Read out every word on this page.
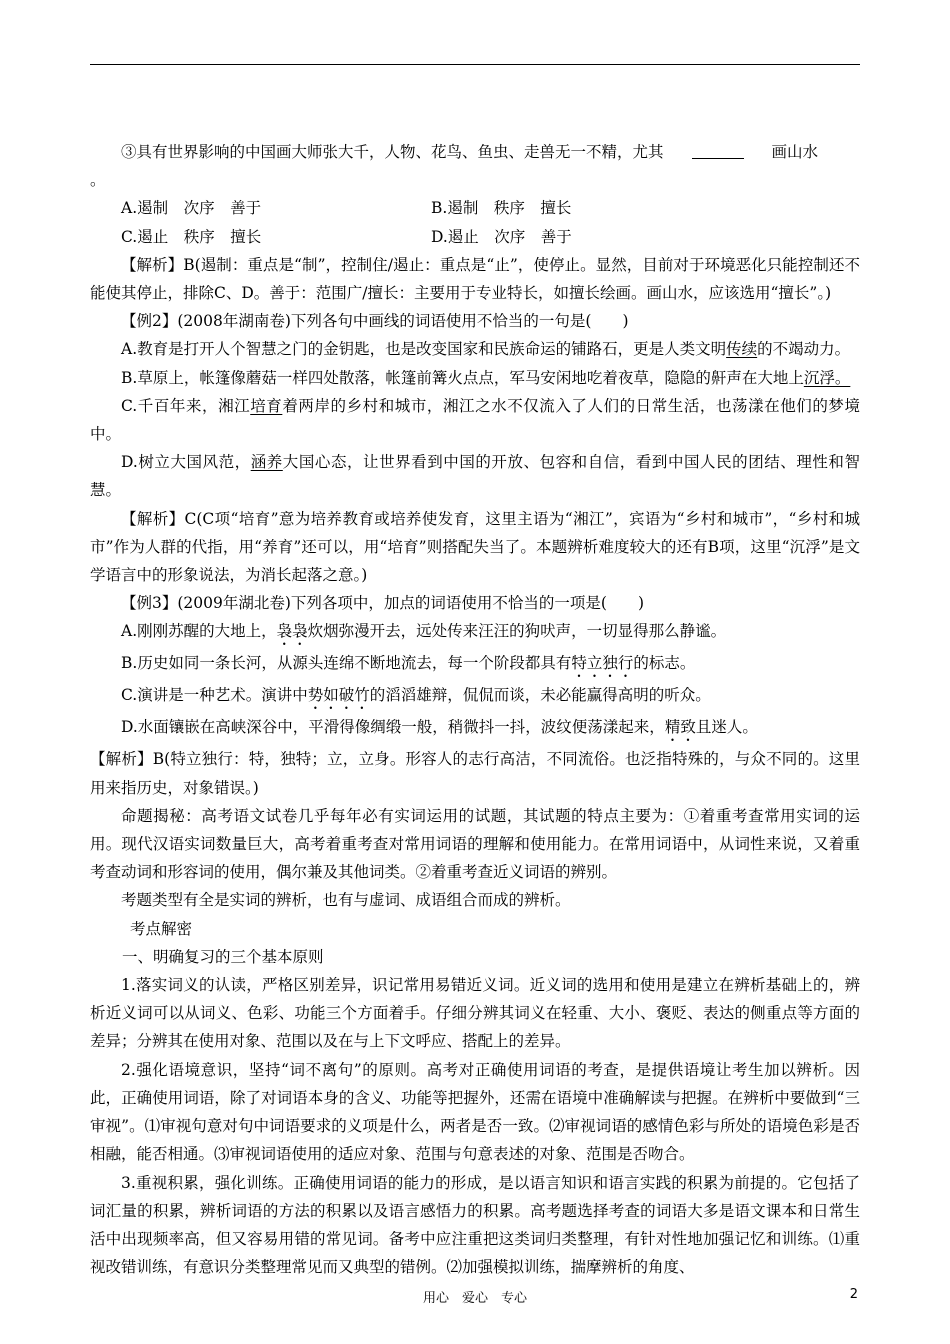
③具有世界影响的中国画大师张大千，人物、花鸟、鱼虫、走兽无一不精，尤其	画山水

。

A.遏制　次序　善于	B.遏制　秩序　擅长
C.遏止　秩序　擅长	D.遏止　次序　善于

【解析】B(遏制：重点是“制”，控制住/遏止：重点是“止”，使停止。显然，目前对于环境恶化只能控制还不能使其停止，排除C、D。善于：范围广/擅长：主要用于专业特长，如擅长绘画。画山水，应该选用“擅长”。)

【例2】(2008年湖南卷)下列各句中画线的词语使用不恰当的一句是(　　)

A.教育是打开人个智慧之门的金钥匙，也是改变国家和民族命运的铺路石，更是人类文明传续的不竭动力。

B.草原上，帐篷像蘑菇一样四处散落，帐篷前篝火点点，军马安闲地吃着夜草，隐隐的鼾声在大地上沉浮。

C.千百年来，湘江培育着两岸的乡村和城市，湘江之水不仅流入了人们的日常生活，也荡漾在他们的梦境中。

D.树立大国风范，涵养大国心态，让世界看到中国的开放、包容和自信，看到中国人民的团结、理性和智慧。

【解析】C(C项“培育”意为培养教育或培养使发育，这里主语为“湘江”，宾语为“乡村和城市”，“乡村和城市”作为人群的代指，用“养育”还可以，用“培育”则搭配失当了。本题辨析难度较大的还有B项，这里“沉浮”是文学语言中的形象说法，为消长起落之意。)

【例3】(2009年湖北卷)下列各项中，加点的词语使用不恰当的一项是(　　)

A.刚刚苏醒的大地上，袅袅炊烟弥漫开去，远处传来汪汪的狗吠声，一切显得那么静谧。

B.历史如同一条长河，从源头连绵不断地流去，每一个阶段都具有特立独行的标志。

C.演讲是一种艺术。演讲中势如破竹的滔滔雄辩，侃侃而谈，未必能赢得高明的听众。

D.水面镶嵌在高峡深谷中，平滑得像绸缎一般，稍微抖一抖，波纹便荡漾起来，精致且迷人。

【解析】B(特立独行：特，独特；立，立身。形容人的志行高洁，不同流俗。也泛指特殊的，与众不同的。这里用来指历史，对象错误。)

命题揭秘：高考语文试卷几乎每年必有实词运用的试题，其试题的特点主要为：①着重考查常用实词的运用。现代汉语实词数量巨大，高考着重考查对常用词语的理解和使用能力。在常用词语中，从词性来说，又着重考查动词和形容词的使用，偶尔兼及其他词类。②着重考查近义词语的辨别。

考题类型有全是实词的辨析，也有与虚词、成语组合而成的辨析。

考点解密

一、明确复习的三个基本原则

1.落实词义的认读，严格区别差异，识记常用易错近义词。近义词的选用和使用是建立在辨析基础上的，辨析近义词可以从词义、色彩、功能三个方面着手。仔细分辨其词义在轻重、大小、褒贬、表达的侧重点等方面的差异；分辨其在使用对象、范围以及在与上下文呼应、搭配上的差异。

2.强化语境意识，坚持“词不离句”的原则。高考对正确使用词语的考查，是提供语境让考生加以辨析。因此，正确使用词语，除了对词语本身的含义、功能等把握外，还需在语境中准确解读与把握。在辨析中要做到“三审视”。⑴审视句意对句中词语要求的义项是什么，两者是否一致。⑵审视词语的感情色彩与所处的语境色彩是否相融，能否相通。⑶审视词语使用的适应对象、范围与句意表述的对象、范围是否吻合。

3.重视积累，强化训练。正确使用词语的能力的形成，是以语言知识和语言实践的积累为前提的。它包括了词汇量的积累，辨析词语的方法的积累以及语言感悟力的积累。高考题选择考查的词语大多是语文课本和日常生活中出现频率高，但又容易用错的常见词。备考中应注重把这类词归类整理，有针对性地加强记忆和训练。⑴重视改错训练，有意识分类整理常见而又典型的错例。⑵加强模拟训练，揣摩辨析的角度、

用心　爱心　专心	2
